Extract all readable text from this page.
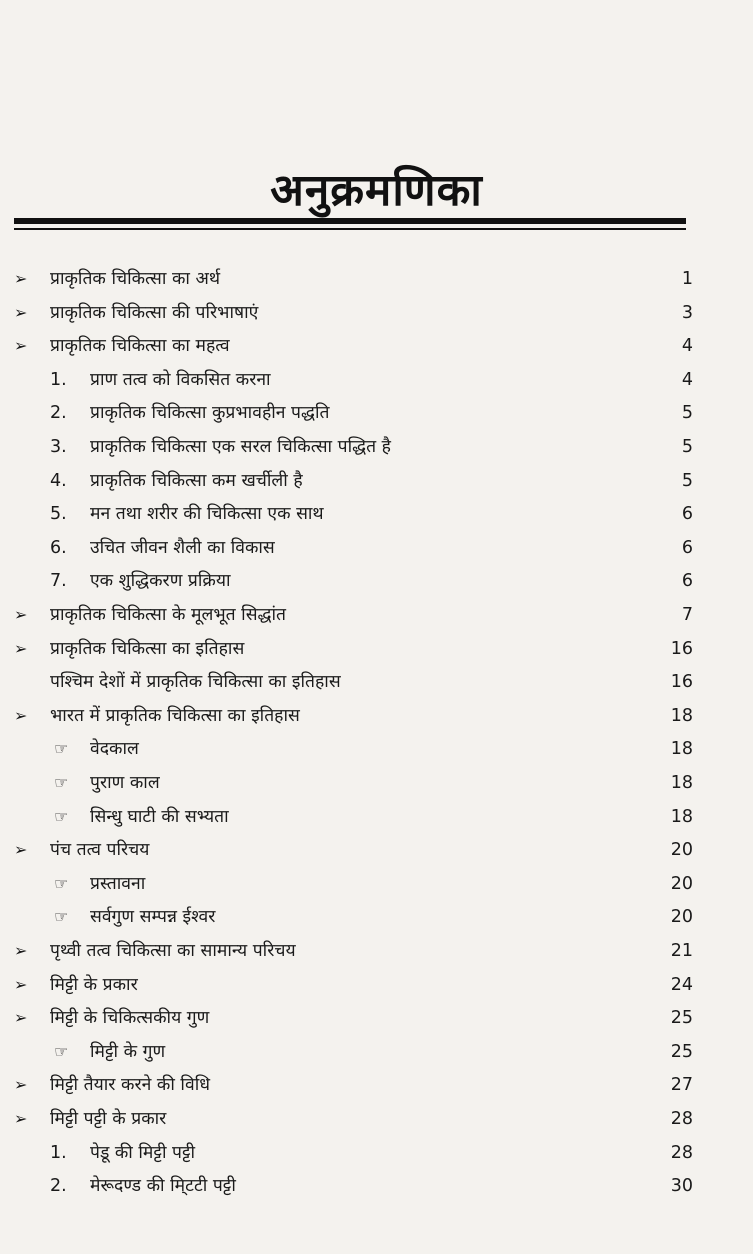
अनुक्रमणिका
➢	प्राकृतिक चिकित्सा का अर्थ	1
➢	प्राकृतिक चिकित्सा की परिभाषाएं	3
➢	प्राकृतिक चिकित्सा का महत्व	4
1. प्राण तत्व को विकसित करना	4
2. प्राकृतिक चिकित्सा कुप्रभावहीन पद्धति	5
3. प्राकृतिक चिकित्सा एक सरल चिकित्सा पद्धित है	5
4. प्राकृतिक चिकित्सा कम खर्चीली है	5
5. मन तथा शरीर की चिकित्सा एक साथ	6
6. उचित जीवन शैली का विकास	6
7. एक शुद्धिकरण प्रक्रिया	6
➢	प्राकृतिक चिकित्सा के मूलभूत सिद्धांत	7
➢	प्राकृतिक चिकित्सा का इतिहास	16
पश्चिम देशों में प्राकृतिक चिकित्सा का इतिहास	16
➢	भारत में प्राकृतिक चिकित्सा का इतिहास	18
☞ वेदकाल	18
☞ पुराण काल	18
☞ सिन्धु घाटी की सभ्यता	18
➢	पंच तत्व परिचय	20
☞ प्रस्तावना	20
☞ सर्वगुण सम्पन्न ईश्वर	20
➢	पृथ्वी तत्व चिकित्सा का सामान्य परिचय	21
➢	मिट्टी के प्रकार	24
➢	मिट्टी के चिकित्सकीय गुण	25
☞ मिट्टी के गुण	25
➢	मिट्टी तैयार करने की विधि	27
➢	मिट्टी पट्टी के प्रकार	28
1. पेडू की मिट्टी पट्टी	28
2. मेरूदण्ड की मि्टटी पट्टी	30
